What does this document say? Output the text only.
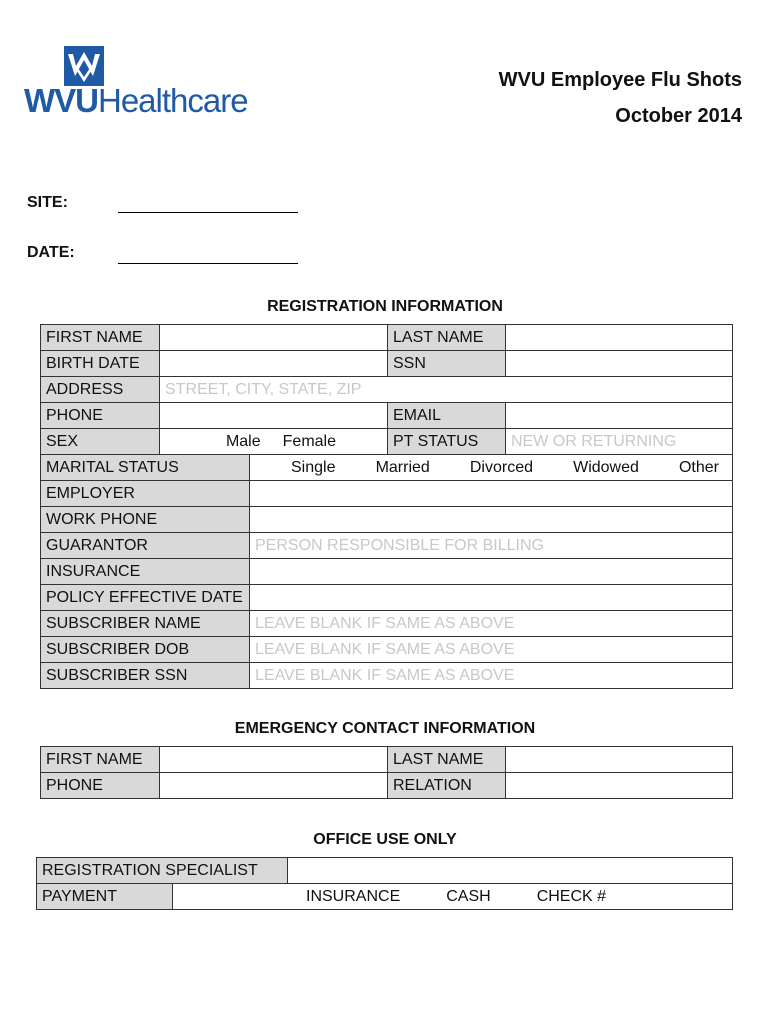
WVUHealthcare
WVU Employee Flu Shots
October 2014
SITE:
DATE:
REGISTRATION INFORMATION
FIRST NAME			LAST NAME	
BIRTH DATE			SSN	
ADDRESS	STREET, CITY, STATE, ZIP			
PHONE			EMAIL	
SEX	Male Female		PT STATUS	NEW OR RETURNING
MARITAL STATUS		Single Married Divorced Widowed Other		

EMPLOYER				
WORK PHONE				
GUARANTOR		PERSON RESPONSIBLE FOR BILLING		
INSURANCE				
POLICY EFFECTIVE DATE				
SUBSCRIBER NAME		LEAVE BLANK IF SAME AS ABOVE		
SUBSCRIBER DOB		LEAVE BLANK IF SAME AS ABOVE		
SUBSCRIBER SSN		LEAVE BLANK IF SAME AS ABOVE		
EMERGENCY CONTACT INFORMATION
FIRST NAME		LAST NAME	
PHONE		RELATION	
OFFICE USE ONLY
REGISTRATION SPECIALIST		
PAYMENT	INSURANCE CASH CHECK #	
